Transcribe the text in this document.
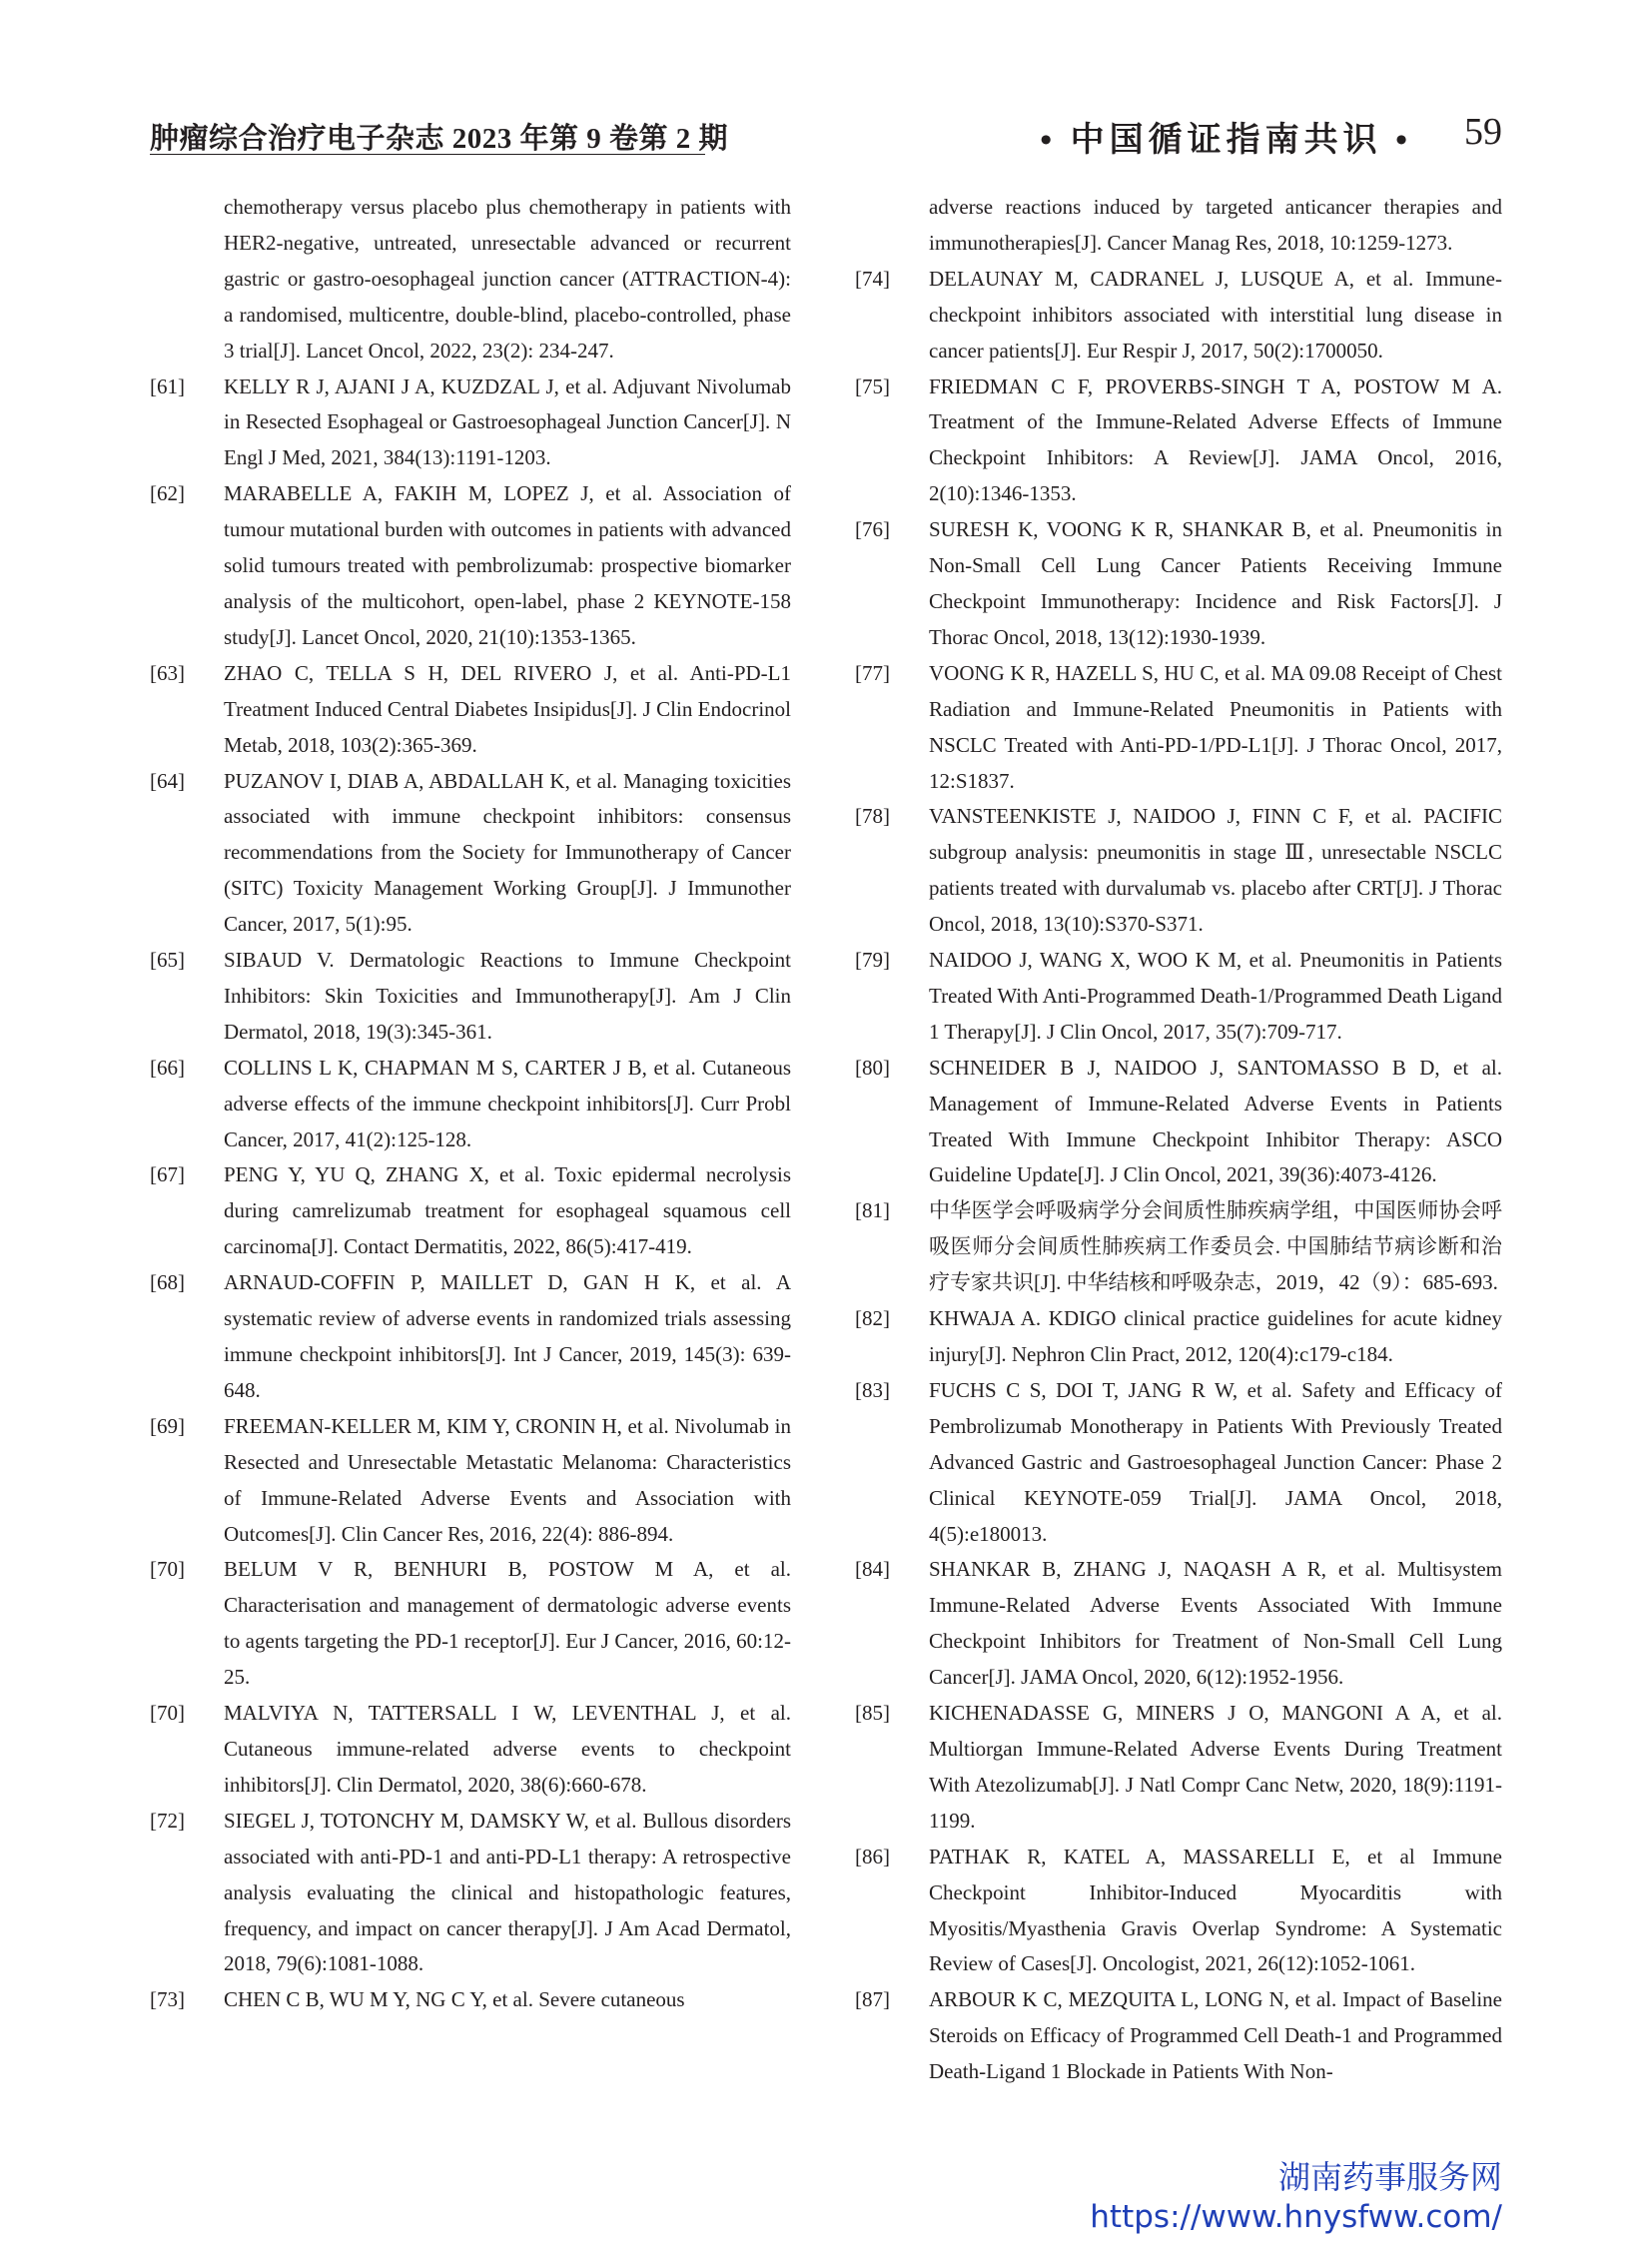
肿瘤综合治疗电子杂志 2023 年第 9 卷第 2 期	• 中国循证指南共识 • 59
chemotherapy versus placebo plus chemotherapy in patients with HER2-negative, untreated, unresectable advanced or recurrent gastric or gastro-oesophageal junction cancer (ATTRACTION-4): a randomised, multicentre, double-blind, placebo-controlled, phase 3 trial[J]. Lancet Oncol, 2022, 23(2): 234-247.
[61] KELLY R J, AJANI J A, KUZDZAL J, et al. Adjuvant Nivolumab in Resected Esophageal or Gastroesophageal Junction Cancer[J]. N Engl J Med, 2021, 384(13):1191-1203.
[62] MARABELLE A, FAKIH M, LOPEZ J, et al. Association of tumour mutational burden with outcomes in patients with advanced solid tumours treated with pembrolizumab: prospective biomarker analysis of the multicohort, open-label, phase 2 KEYNOTE-158 study[J]. Lancet Oncol, 2020, 21(10):1353-1365.
[63] ZHAO C, TELLA S H, DEL RIVERO J, et al. Anti-PD-L1 Treatment Induced Central Diabetes Insipidus[J]. J Clin Endocrinol Metab, 2018, 103(2):365-369.
[64] PUZANOV I, DIAB A, ABDALLAH K, et al. Managing toxicities associated with immune checkpoint inhibitors: consensus recommendations from the Society for Immunotherapy of Cancer (SITC) Toxicity Management Working Group[J]. J Immunother Cancer, 2017, 5(1):95.
[65] SIBAUD V. Dermatologic Reactions to Immune Checkpoint Inhibitors: Skin Toxicities and Immunotherapy[J]. Am J Clin Dermatol, 2018, 19(3):345-361.
[66] COLLINS L K, CHAPMAN M S, CARTER J B, et al. Cutaneous adverse effects of the immune checkpoint inhibitors[J]. Curr Probl Cancer, 2017, 41(2):125-128.
[67] PENG Y, YU Q, ZHANG X, et al. Toxic epidermal necrolysis during camrelizumab treatment for esophageal squamous cell carcinoma[J]. Contact Dermatitis, 2022, 86(5):417-419.
[68] ARNAUD-COFFIN P, MAILLET D, GAN H K, et al. A systematic review of adverse events in randomized trials assessing immune checkpoint inhibitors[J]. Int J Cancer, 2019, 145(3): 639-648.
[69] FREEMAN-KELLER M, KIM Y, CRONIN H, et al. Nivolumab in Resected and Unresectable Metastatic Melanoma: Characteristics of Immune-Related Adverse Events and Association with Outcomes[J]. Clin Cancer Res, 2016, 22(4): 886-894.
[70] BELUM V R, BENHURI B, POSTOW M A, et al. Characterisation and management of dermatologic adverse events to agents targeting the PD-1 receptor[J]. Eur J Cancer, 2016, 60:12-25.
[70] MALVIYA N, TATTERSALL I W, LEVENTHAL J, et al. Cutaneous immune-related adverse events to checkpoint inhibitors[J]. Clin Dermatol, 2020, 38(6):660-678.
[72] SIEGEL J, TOTONCHY M, DAMSKY W, et al. Bullous disorders associated with anti-PD-1 and anti-PD-L1 therapy: A retrospective analysis evaluating the clinical and histopathologic features, frequency, and impact on cancer therapy[J]. J Am Acad Dermatol, 2018, 79(6):1081-1088.
[73] CHEN C B, WU M Y, NG C Y, et al. Severe cutaneous
adverse reactions induced by targeted anticancer therapies and immunotherapies[J]. Cancer Manag Res, 2018, 10:1259-1273.
[74] DELAUNAY M, CADRANEL J, LUSQUE A, et al. Immune-checkpoint inhibitors associated with interstitial lung disease in cancer patients[J]. Eur Respir J, 2017, 50(2):1700050.
[75] FRIEDMAN C F, PROVERBS-SINGH T A, POSTOW M A. Treatment of the Immune-Related Adverse Effects of Immune Checkpoint Inhibitors: A Review[J]. JAMA Oncol, 2016, 2(10):1346-1353.
[76] SURESH K, VOONG K R, SHANKAR B, et al. Pneumonitis in Non-Small Cell Lung Cancer Patients Receiving Immune Checkpoint Immunotherapy: Incidence and Risk Factors[J]. J Thorac Oncol, 2018, 13(12):1930-1939.
[77] VOONG K R, HAZELL S, HU C, et al. MA 09.08 Receipt of Chest Radiation and Immune-Related Pneumonitis in Patients with NSCLC Treated with Anti-PD-1/PD-L1[J]. J Thorac Oncol, 2017, 12:S1837.
[78] VANSTEENKISTE J, NAIDOO J, FINN C F, et al. PACIFIC subgroup analysis: pneumonitis in stage Ⅲ, unresectable NSCLC patients treated with durvalumab vs. placebo after CRT[J]. J Thorac Oncol, 2018, 13(10):S370-S371.
[79] NAIDOO J, WANG X, WOO K M, et al. Pneumonitis in Patients Treated With Anti-Programmed Death-1/Programmed Death Ligand 1 Therapy[J]. J Clin Oncol, 2017, 35(7):709-717.
[80] SCHNEIDER B J, NAIDOO J, SANTOMASSO B D, et al. Management of Immune-Related Adverse Events in Patients Treated With Immune Checkpoint Inhibitor Therapy: ASCO Guideline Update[J]. J Clin Oncol, 2021, 39(36):4073-4126.
[81] 中华医学会呼吸病学分会间质性肺疾病学组，中国医师协会呼吸医师分会间质性肺疾病工作委员会. 中国肺结节病诊断和治疗专家共识[J]. 中华结核和呼吸杂志，2019，42（9）：685-693.
[82] KHWAJA A. KDIGO clinical practice guidelines for acute kidney injury[J]. Nephron Clin Pract, 2012, 120(4):c179-c184.
[83] FUCHS C S, DOI T, JANG R W, et al. Safety and Efficacy of Pembrolizumab Monotherapy in Patients With Previously Treated Advanced Gastric and Gastroesophageal Junction Cancer: Phase 2 Clinical KEYNOTE-059 Trial[J]. JAMA Oncol, 2018, 4(5):e180013.
[84] SHANKAR B, ZHANG J, NAQASH A R, et al. Multisystem Immune-Related Adverse Events Associated With Immune Checkpoint Inhibitors for Treatment of Non-Small Cell Lung Cancer[J]. JAMA Oncol, 2020, 6(12):1952-1956.
[85] KICHENADASSE G, MINERS J O, MANGONI A A, et al. Multiorgan Immune-Related Adverse Events During Treatment With Atezolizumab[J]. J Natl Compr Canc Netw, 2020, 18(9):1191-1199.
[86] PATHAK R, KATEL A, MASSARELLI E, et al Immune Checkpoint Inhibitor-Induced Myocarditis with Myositis/Myasthenia Gravis Overlap Syndrome: A Systematic Review of Cases[J]. Oncologist, 2021, 26(12):1052-1061.
[87] ARBOUR K C, MEZQUITA L, LONG N, et al. Impact of Baseline Steroids on Efficacy of Programmed Cell Death-1 and Programmed Death-Ligand 1 Blockade in Patients With Non-
湖南药事服务网
https://www.hnysfww.com/
